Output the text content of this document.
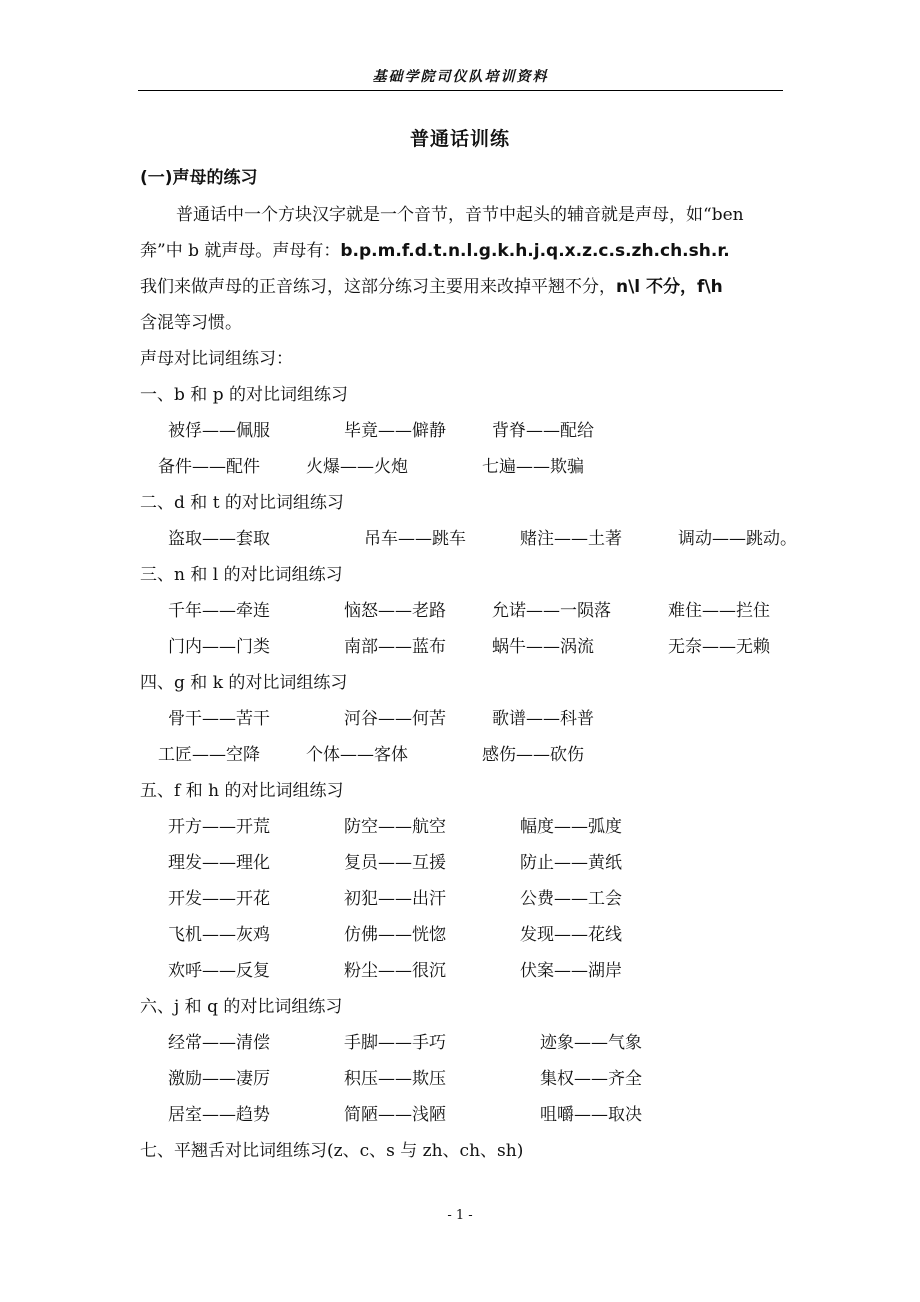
基础学院司仪队培训资料
普通话训练
(一)声母的练习
普通话中一个方块汉字就是一个音节，音节中起头的辅音就是声母，如“ben
奔”中 b 就声母。声母有：b.p.m.f.d.t.n.l.g.k.h.j.q.x.z.c.s.zh.ch.sh.r.
我们来做声母的正音练习，这部分练习主要用来改掉平翘不分，n\l 不分，f\h
含混等习惯。
声母对比词组练习：
一、b 和 p 的对比词组练习
被俘——佩服	毕竟——僻静	背脊——配给
备件——配件	火爆——火炮	七遍——欺骗
二、d 和 t 的对比词组练习
盗取——套取	吊车——跳车	赌注——土著	调动——跳动。
三、n 和 l 的对比词组练习
千年——牵连	恼怒——老路	允诺——一陨落	难住——拦住
门内——门类	南部——蓝布	蜗牛——涡流	无奈——无赖
四、g 和 k 的对比词组练习
骨干——苦干	河谷——何苦	歌谱——科普
工匠——空降	个体——客体	感伤——砍伤
五、f 和 h 的对比词组练习
开方——开荒	防空——航空	幅度——弧度
理发——理化	复员——互援	防止——黄纸
开发——开花	初犯——出汗	公费——工会
飞机——灰鸡	仿佛——恍惚	发现——花线
欢呼——反复	粉尘——很沉	伏案——湖岸
六、j 和 q 的对比词组练习
经常——清偿	手脚——手巧	迹象——气象
激励——凄厉	积压——欺压	集权——齐全
居室——趋势	简陋——浅陋	咀嚼——取决
七、平翘舌对比词组练习(z、c、s 与 zh、ch、sh)
- 1 -
